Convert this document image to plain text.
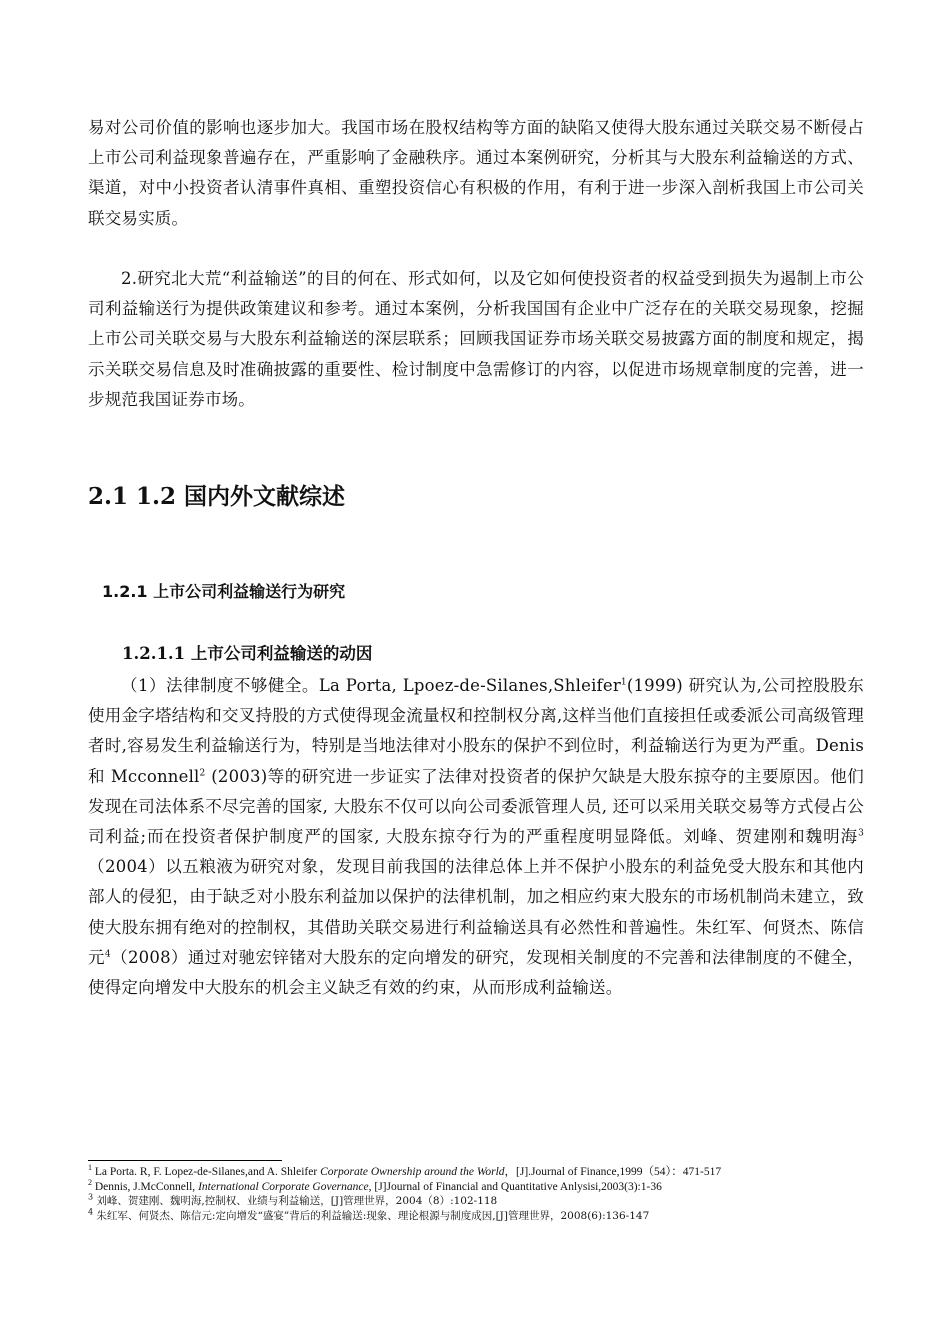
易对公司价值的影响也逐步加大。我国市场在股权结构等方面的缺陷又使得大股东通过关联交易不断侵占上市公司利益现象普遍存在，严重影响了金融秩序。通过本案例研究，分析其与大股东利益输送的方式、渠道，对中小投资者认清事件真相、重塑投资信心有积极的作用，有利于进一步深入剖析我国上市公司关联交易实质。

2.研究北大荒“利益输送”的目的何在、形式如何，以及它如何使投资者的权益受到损失为遏制上市公司利益输送行为提供政策建议和参考。通过本案例，分析我国国有企业中广泛存在的关联交易现象，挖掘上市公司关联交易与大股东利益输送的深层联系；回顾我国证券市场关联交易披露方面的制度和规定，揭示关联交易信息及时准确披露的重要性、检讨制度中急需修订的内容，以促进市场规章制度的完善，进一步规范我国证券市场。

2.1 1.2 国内外文献综述
1.2.1 上市公司利益输送行为研究
1.2.1.1 上市公司利益输送的动因

（1）法律制度不够健全。La Porta, Lpoez-de-Silanes,Shleifer$^1$(1999) 研究认为,公司控股股东使用金字塔结构和交叉持股的方式使得现金流量权和控制权分离,这样当他们直接担任或委派公司高级管理者时,容易发生利益输送行为，特别是当地法律对小股东的保护不到位时，利益输送行为更为严重。Denis 和 Mcconnell$^2$ (2003)等的研究进一步证实了法律对投资者的保护欠缺是大股东掠夺的主要原因。他们发现在司法体系不尽完善的国家, 大股东不仅可以向公司委派管理人员, 还可以采用关联交易等方式侵占公司利益;而在投资者保护制度严的国家, 大股东掠夺行为的严重程度明显降低。刘峰、贺建刚和魏明海$^3$（2004）以五粮液为研究对象，发现目前我国的法律总体上并不保护小股东的利益免受大股东和其他内部人的侵犯，由于缺乏对小股东利益加以保护的法律机制，加之相应约束大股东的市场机制尚未建立，致使大股东拥有绝对的控制权，其借助关联交易进行利益输送具有必然性和普遍性。朱红军、何贤杰、陈信元$^4$（2008）通过对驰宏锌锗对大股东的定向增发的研究，发现相关制度的不完善和法律制度的不健全，使得定向增发中大股东的机会主义缺乏有效的约束，从而形成利益输送。

$^1$ La Porta. R, F. Lopez-de-Silanes,and A. Shleifer Corporate Ownership around the World，[J].Journal of Finance,1999（54）：471-517

$^2$ Dennis, J.McConnell, International Corporate Governance, [J]Journal of Financial and Quantitative Anlysisi,2003(3):1-36

$^3$ 刘峰、贺建刚、魏明海,控制权、业绩与利益输送，[J]管理世界，2004（8）:102-118

$^4$ 朱红军、何贤杰、陈信元:定向增发“盛宴”背后的利益输送:现象、理论根源与制度成因,[J]管理世界，2008(6):136-147
